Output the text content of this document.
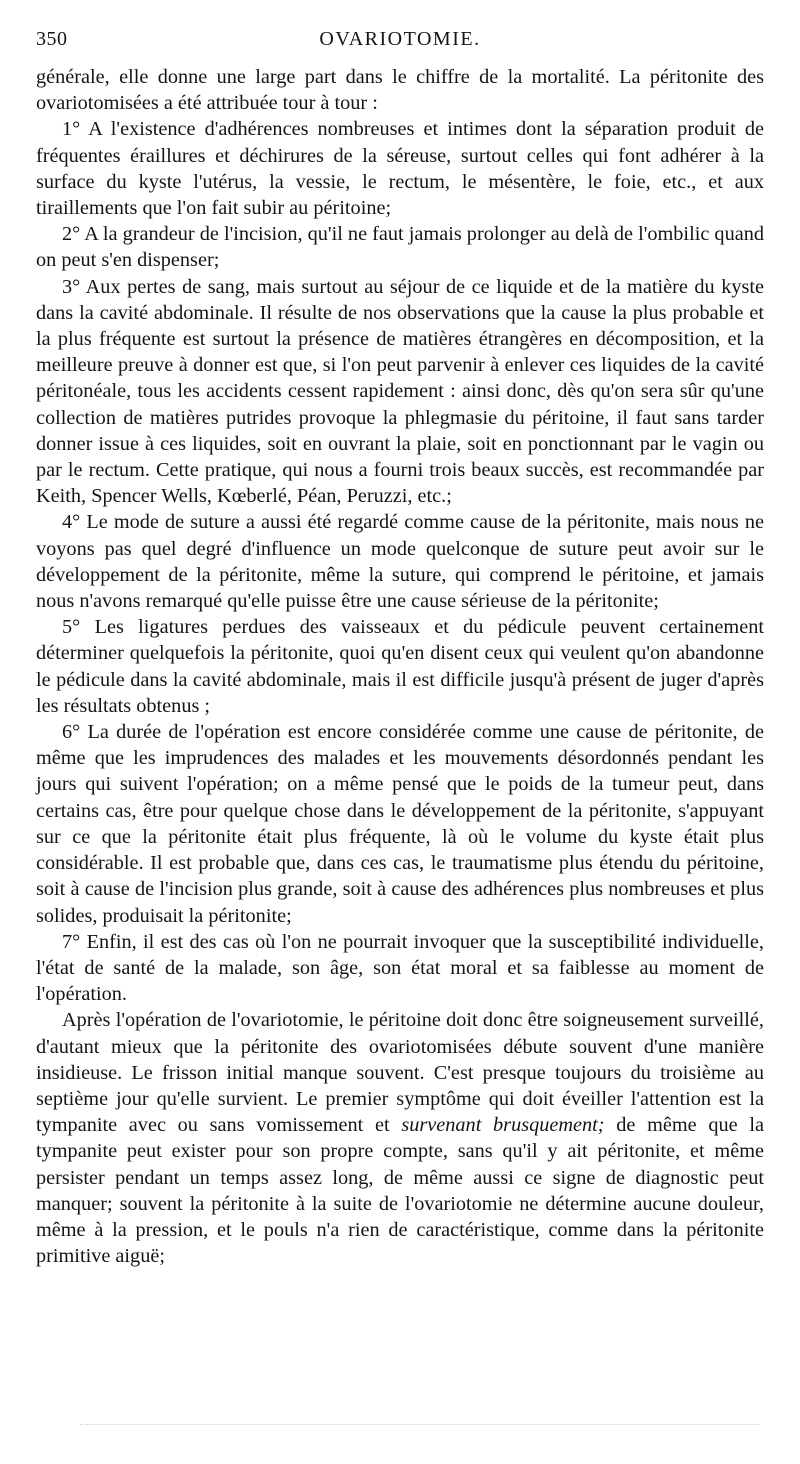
350	OVARIOTOMIE.

générale, elle donne une large part dans le chiffre de la mortalité. La péritonite des ovariotomisées a été attribuée tour à tour :

1° A l'existence d'adhérences nombreuses et intimes dont la séparation produit de fréquentes éraillures et déchirures de la séreuse, surtout celles qui font adhérer à la surface du kyste l'utérus, la vessie, le rectum, le mésentère, le foie, etc., et aux tiraillements que l'on fait subir au péritoine;

2° A la grandeur de l'incision, qu'il ne faut jamais prolonger au delà de l'ombilic quand on peut s'en dispenser;

3° Aux pertes de sang, mais surtout au séjour de ce liquide et de la matière du kyste dans la cavité abdominale. Il résulte de nos observations que la cause la plus probable et la plus fréquente est surtout la présence de matières étrangères en décomposition, et la meilleure preuve à donner est que, si l'on peut parvenir à enlever ces liquides de la cavité péritonéale, tous les accidents cessent rapidement : ainsi donc, dès qu'on sera sûr qu'une collection de matières putrides provoque la phlegmasie du péritoine, il faut sans tarder donner issue à ces liquides, soit en ouvrant la plaie, soit en ponctionnant par le vagin ou par le rectum. Cette pratique, qui nous a fourni trois beaux succès, est recommandée par Keith, Spencer Wells, Kœberlé, Péan, Peruzzi, etc.;

4° Le mode de suture a aussi été regardé comme cause de la péritonite, mais nous ne voyons pas quel degré d'influence un mode quelconque de suture peut avoir sur le développement de la péritonite, même la suture, qui comprend le péritoine, et jamais nous n'avons remarqué qu'elle puisse être une cause sérieuse de la péritonite;

5° Les ligatures perdues des vaisseaux et du pédicule peuvent certainement déterminer quelquefois la péritonite, quoi qu'en disent ceux qui veulent qu'on abandonne le pédicule dans la cavité abdominale, mais il est difficile jusqu'à présent de juger d'après les résultats obtenus ;

6° La durée de l'opération est encore considérée comme une cause de péritonite, de même que les imprudences des malades et les mouvements désordonnés pendant les jours qui suivent l'opération; on a même pensé que le poids de la tumeur peut, dans certains cas, être pour quelque chose dans le développement de la péritonite, s'appuyant sur ce que la péritonite était plus fréquente, là où le volume du kyste était plus considérable. Il est probable que, dans ces cas, le traumatisme plus étendu du péritoine, soit à cause de l'incision plus grande, soit à cause des adhérences plus nombreuses et plus solides, produisait la péritonite;

7° Enfin, il est des cas où l'on ne pourrait invoquer que la susceptibilité individuelle, l'état de santé de la malade, son âge, son état moral et sa faiblesse au moment de l'opération.

Après l'opération de l'ovariotomie, le péritoine doit donc être soigneusement surveillé, d'autant mieux que la péritonite des ovariotomisées débute souvent d'une manière insidieuse. Le frisson initial manque souvent. C'est presque toujours du troisième au septième jour qu'elle survient. Le premier symptôme qui doit éveiller l'attention est la tympanite avec ou sans vomissement et survenant brusquement; de même que la tympanite peut exister pour son propre compte, sans qu'il y ait péritonite, et même persister pendant un temps assez long, de même aussi ce signe de diagnostic peut manquer; souvent la péritonite à la suite de l'ovariotomie ne détermine aucune douleur, même à la pression, et le pouls n'a rien de caractéristique, comme dans la péritonite primitive aiguë;
